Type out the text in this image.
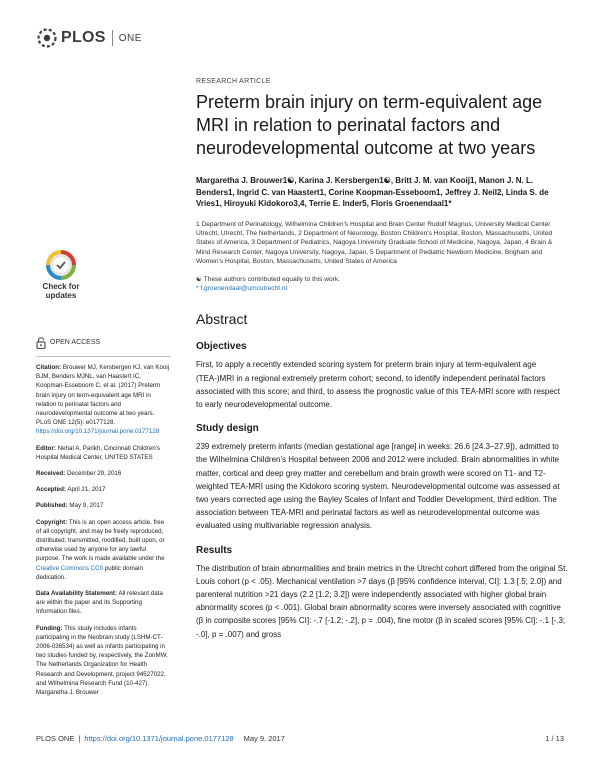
PLOS ONE
Check for
updates
OPEN ACCESS

Citation: Brouwer MJ, Kersbergen KJ, van Kooij BJM, Benders MJNL, van Haastert IC, Koopman-Esseboom C, et al. (2017) Preterm brain injury on term-equivalent age MRI in relation to perinatal factors and neurodevelopmental outcome at two years. PLoS ONE 12(5): e0177128. https://doi.org/10.1371/journal.pone.0177128

Editor: Nehal A. Parikh, Cincinnati Children's Hospital Medical Center, UNITED STATES

Received: December 29, 2016

Accepted: April 21, 2017

Published: May 9, 2017

Copyright: This is an open access article, free of all copyright, and may be freely reproduced, distributed, transmitted, modified, built upon, or otherwise used by anyone for any lawful purpose. The work is made available under the Creative Commons CC0 public domain dedication.

Data Availability Statement: All relevant data are within the paper and its Supporting Information files.

Funding: This study includes infants participating in the Neobrain study (LSHM-CT-2006-036534) as well as infants participating in two studies funded by, respectively, the ZonMW, The Netherlands Organization for Health Research and Development, project 94527022, and Wilhelmina Research Fund (10-427). Margaretha J. Brouwer

RESEARCH ARTICLE
Preterm brain injury on term-equivalent age MRI in relation to perinatal factors and neurodevelopmental outcome at two years
Margaretha J. Brouwer1☯, Karina J. Kersbergen1☯, Britt J. M. van Kooij1, Manon J. N. L. Benders1, Ingrid C. van Haastert1, Corine Koopman-Esseboom1, Jeffrey J. Neil2, Linda S. de Vries1, Hiroyuki Kidokoro3,4, Terrie E. Inder5, Floris Groenendaal1*
1 Department of Perinatology, Wilhelmina Children's Hospital and Brain Center Rudolf Magnus, University Medical Center Utrecht, Utrecht, The Netherlands, 2 Department of Neurology, Boston Children's Hospital, Boston, Massachusetts, United States of America, 3 Department of Pediatrics, Nagoya University Graduate School of Medicine, Nagoya, Japan, 4 Brain & Mind Research Center, Nagoya University, Nagoya, Japan, 5 Department of Pediatric Newborn Medicine, Brigham and Women's Hospital, Boston, Massachusetts, United States of America
☯ These authors contributed equally to this work.
* f.groenendaal@umcutrecht.nl
Abstract
Objectives

First, to apply a recently extended scoring system for preterm brain injury at term-equivalent age (TEA-)MRI in a regional extremely preterm cohort; second, to identify independent perinatal factors associated with this score; and third, to assess the prognostic value of this TEA-MRI score with respect to early neurodevelopmental outcome.

Study design

239 extremely preterm infants (median gestational age [range] in weeks: 26.6 [24.3–27.9]), admitted to the Wilhelmina Children's Hospital between 2006 and 2012 were included. Brain abnormalities in white matter, cortical and deep grey matter and cerebellum and brain growth were scored on T1- and T2-weighted TEA-MRI using the Kidokoro scoring system. Neurodevelopmental outcome was assessed at two years corrected age using the Bayley Scales of Infant and Toddler Development, third edition. The association between TEA-MRI and perinatal factors as well as neurodevelopmental outcome was evaluated using multivariable regression analysis.

Results

The distribution of brain abnormalities and brain metrics in the Utrecht cohort differed from the original St. Louis cohort (p < .05). Mechanical ventilation >7 days (β [95% confidence interval, CI]: 1.3 [.5; 2.0]) and parenteral nutrition >21 days (2.2 [1.2; 3.2]) were independently associated with higher global brain abnormality scores (p < .001). Global brain abnormality scores were inversely associated with cognitive (β in composite scores [95% CI]: -.7 [-1.2; -.2], p = .004), fine motor (β in scaled scores [95% CI]: -.1 [-.3; -.0], p = .007) and gross

PLOS ONE | https://doi.org/10.1371/journal.pone.0177128 May 9, 2017	1 / 13
